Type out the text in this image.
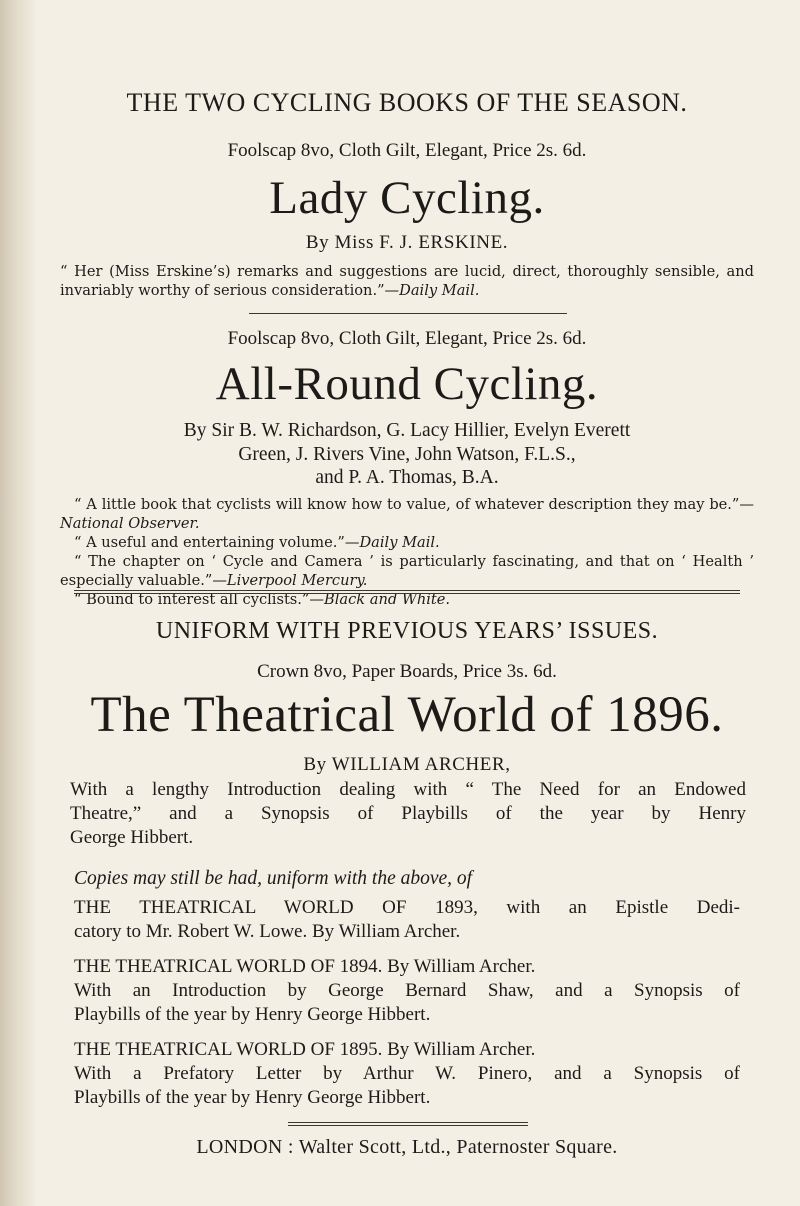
THE TWO CYCLING BOOKS OF THE SEASON.
Foolscap 8vo, Cloth Gilt, Elegant, Price 2s. 6d.
Lady Cycling.
By Miss F. J. ERSKINE.
“ Her (Miss Erskine’s) remarks and suggestions are lucid, direct, thoroughly sensible, and invariably worthy of serious consideration.”—Daily Mail.
Foolscap 8vo, Cloth Gilt, Elegant, Price 2s. 6d.
All-Round Cycling.
By Sir B. W. Richardson, G. Lacy Hillier, Evelyn Everett
Green, J. Rivers Vine, John Watson, F.L.S.,
and P. A. Thomas, B.A.
“ A little book that cyclists will know how to value, of whatever description they may be.”—National Observer.
“ A useful and entertaining volume.”—Daily Mail.
“ The chapter on ‘ Cycle and Camera ’ is particularly fascinating, and that on ‘ Health ’ especially valuable.”—Liverpool Mercury.
“ Bound to interest all cyclists.”—Black and White.
UNIFORM WITH PREVIOUS YEARS’ ISSUES.
Crown 8vo, Paper Boards, Price 3s. 6d.
The Theatrical World of 1896.
By WILLIAM ARCHER,
With a lengthy Introduction dealing with “ The Need for an Endowed
Theatre,” and a Synopsis of Playbills of the year by Henry
George Hibbert.
Copies may still be had, uniform with the above, of
THE THEATRICAL WORLD OF 1893, with an Epistle Dedi-
catory to Mr. Robert W. Lowe. By William Archer.
THE THEATRICAL WORLD OF 1894. By William Archer.
With an Introduction by George Bernard Shaw, and a Synopsis of
Playbills of the year by Henry George Hibbert.
THE THEATRICAL WORLD OF 1895. By William Archer.
With a Prefatory Letter by Arthur W. Pinero, and a Synopsis of
Playbills of the year by Henry George Hibbert.
LONDON : Walter Scott, Ltd., Paternoster Square.
